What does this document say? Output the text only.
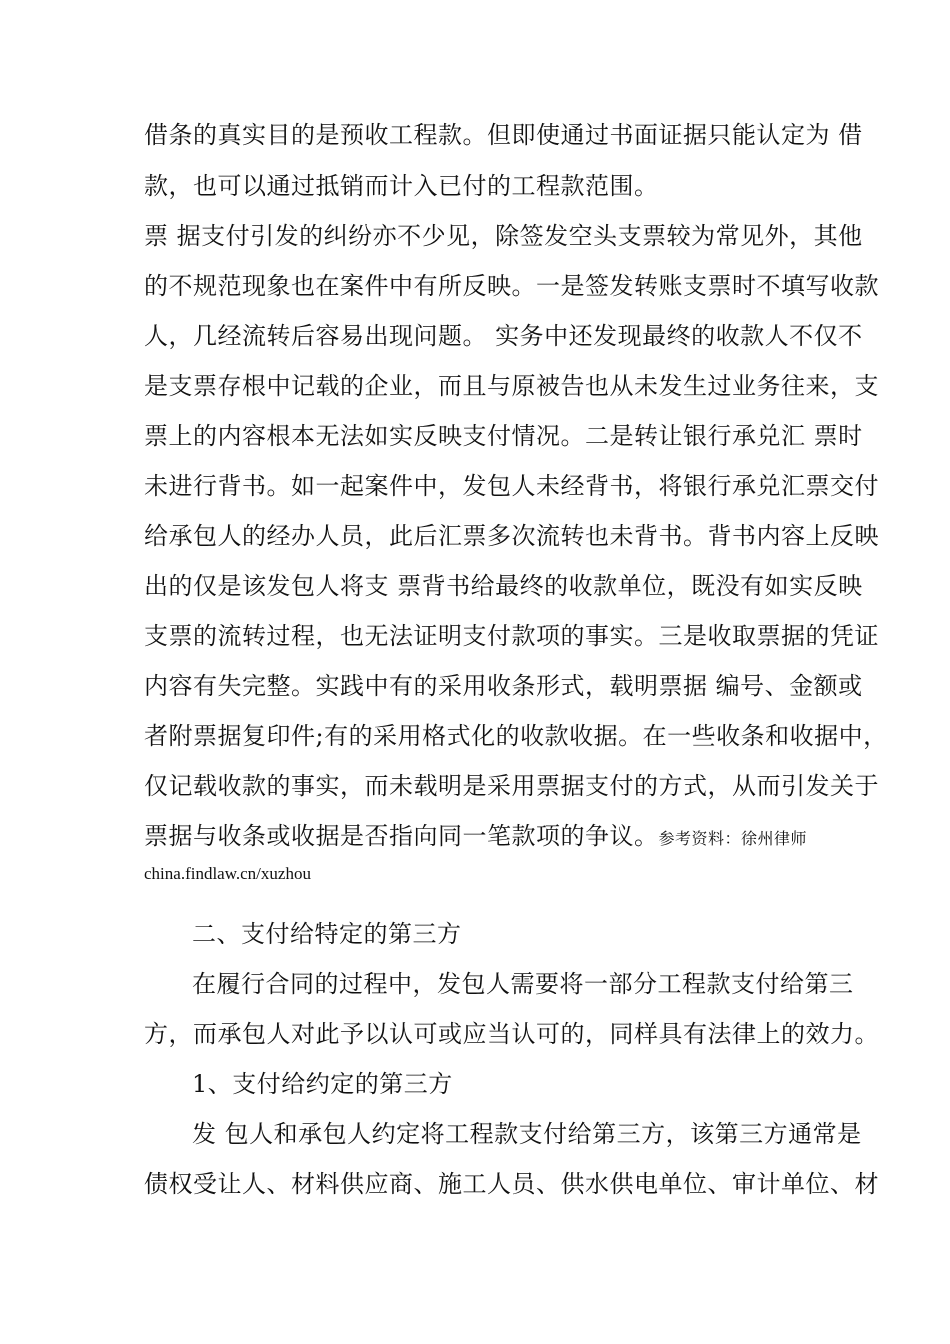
借条的真实目的是预收工程款。但即使通过书面证据只能认定为 借
款，也可以通过抵销而计入已付的工程款范围。
票 据支付引发的纠纷亦不少见，除签发空头支票较为常见外，其他
的不规范现象也在案件中有所反映。一是签发转账支票时不填写收款
人，几经流转后容易出现问题。 实务中还发现最终的收款人不仅不
是支票存根中记载的企业，而且与原被告也从未发生过业务往来，支
票上的内容根本无法如实反映支付情况。二是转让银行承兑汇 票时
未进行背书。如一起案件中，发包人未经背书，将银行承兑汇票交付
给承包人的经办人员，此后汇票多次流转也未背书。背书内容上反映
出的仅是该发包人将支 票背书给最终的收款单位，既没有如实反映
支票的流转过程，也无法证明支付款项的事实。三是收取票据的凭证
内容有失完整。实践中有的采用收条形式，载明票据 编号、金额或
者附票据复印件;有的采用格式化的收款收据。在一些收条和收据中，
仅记载收款的事实，而未载明是采用票据支付的方式，从而引发关于
票据与收条或收据是否指向同一笔款项的争议。 参考资料：徐州律师
china.findlaw.cn/xuzhou
二、支付给特定的第三方
在履行合同的过程中，发包人需要将一部分工程款支付给第三
方，而承包人对此予以认可或应当认可的，同样具有法律上的效力。
1、支付给约定的第三方
发 包人和承包人约定将工程款支付给第三方，该第三方通常是
债权受让人、材料供应商、施工人员、供水供电单位、审计单位、材
